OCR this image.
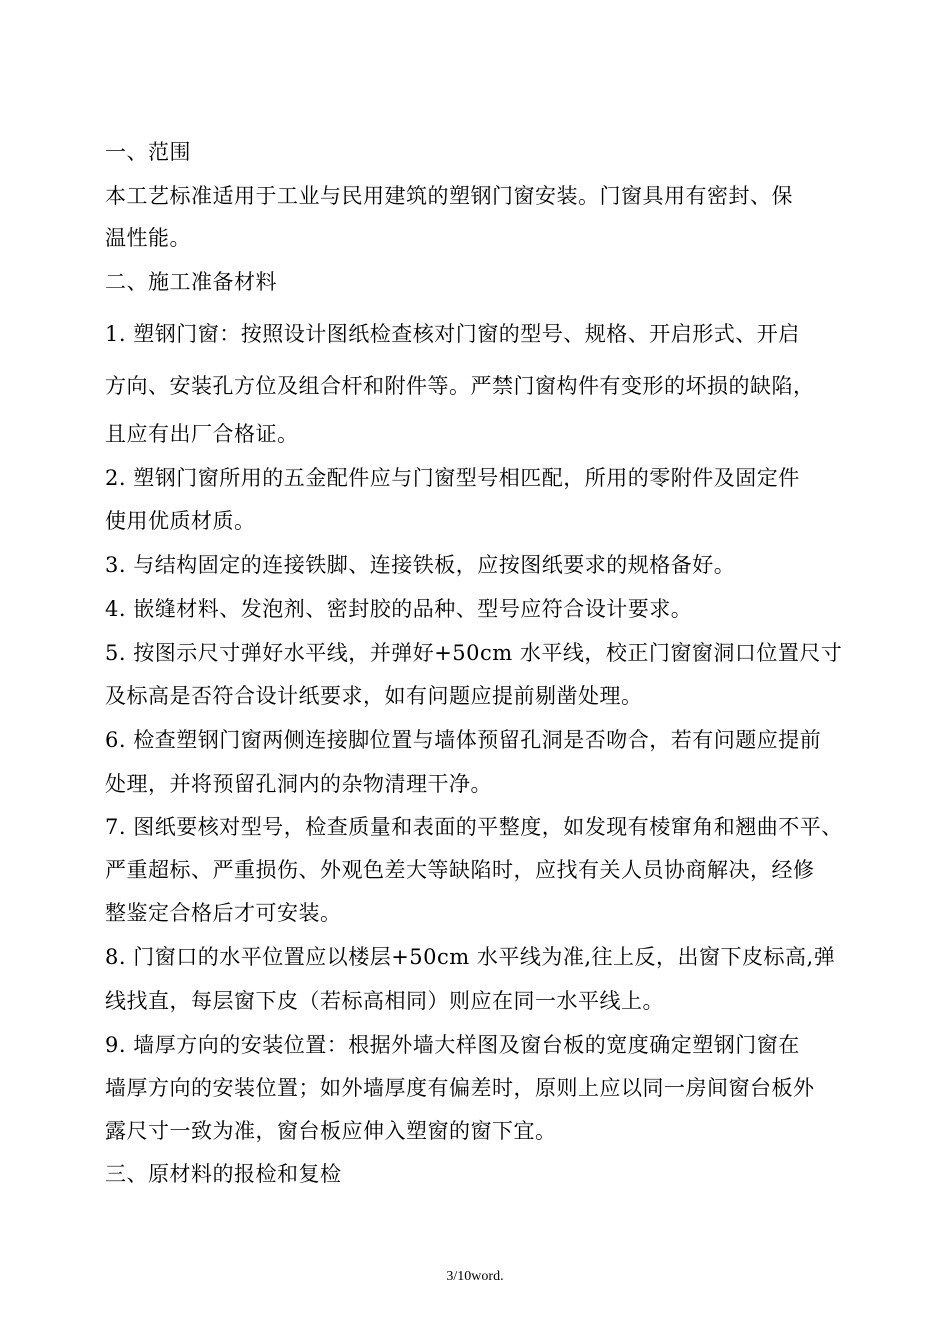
一、范围
本工艺标准适用于工业与民用建筑的塑钢门窗安装。门窗具用有密封、保
温性能。
二、施工准备材料
1. 塑钢门窗：按照设计图纸检查核对门窗的型号、规格、开启形式、开启
方向、安装孔方位及组合杆和附件等。严禁门窗构件有变形的坏损的缺陷，
且应有出厂合格证。
2. 塑钢门窗所用的五金配件应与门窗型号相匹配，所用的零附件及固定件
使用优质材质。
3. 与结构固定的连接铁脚、连接铁板，应按图纸要求的规格备好。
4. 嵌缝材料、发泡剂、密封胶的品种、型号应符合设计要求。
5. 按图示尺寸弹好水平线，并弹好+50cm 水平线，校正门窗窗洞口位置尺寸
及标高是否符合设计纸要求，如有问题应提前剔凿处理。
6. 检查塑钢门窗两侧连接脚位置与墙体预留孔洞是否吻合，若有问题应提前
处理，并将预留孔洞内的杂物清理干净。
7. 图纸要核对型号，检查质量和表面的平整度，如发现有棱窜角和翘曲不平、
严重超标、严重损伤、外观色差大等缺陷时，应找有关人员协商解决，经修
整鉴定合格后才可安装。
8. 门窗口的水平位置应以楼层+50cm 水平线为准,往上反，出窗下皮标高,弹
线找直，每层窗下皮（若标高相同）则应在同一水平线上。
9. 墙厚方向的安装位置：根据外墙大样图及窗台板的宽度确定塑钢门窗在
墙厚方向的安装位置；如外墙厚度有偏差时，原则上应以同一房间窗台板外
露尺寸一致为准，窗台板应伸入塑窗的窗下宜。
三、原材料的报检和复检
3/10word.
